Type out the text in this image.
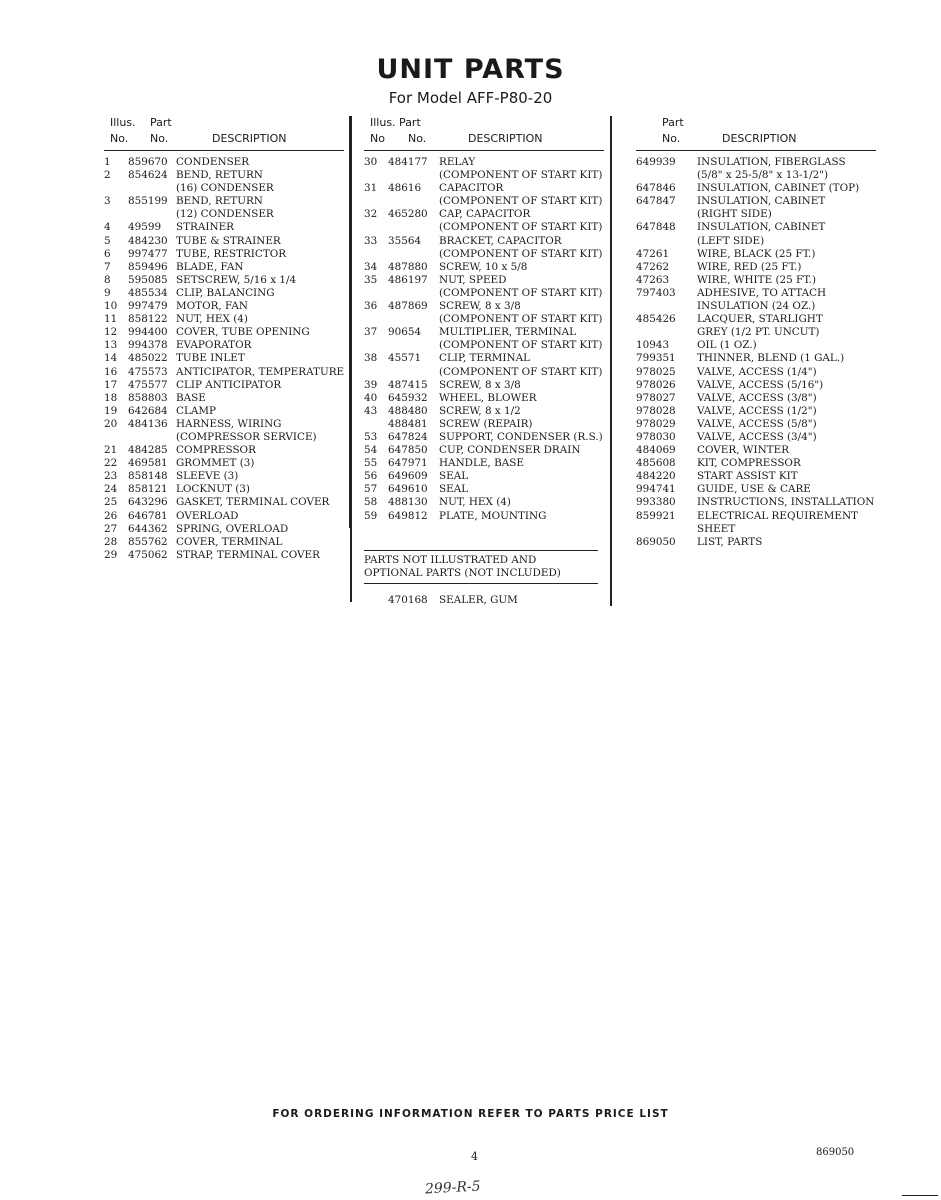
UNIT PARTS
For Model AFF-P80-20
Illus. Part
No. No.	DESCRIPTION
1	859670 CONDENSER
2	854624 BEND, RETURN
(16) CONDENSER
3	855199 BEND, RETURN
(12) CONDENSER
4	49599	STRAINER
5	484230 TUBE & STRAINER
6	997477 TUBE, RESTRICTOR
7	859496 BLADE, FAN
8	595085 SETSCREW, 5/16 x 1/4
9	485534 CLIP, BALANCING
10	997479 MOTOR, FAN
11	858122 NUT, HEX (4)
12	994400 COVER, TUBE OPENING
13	994378 EVAPORATOR
14	485022 TUBE INLET
16	475573 ANTICIPATOR, TEMPERATURE
17	475577 CLIP ANTICIPATOR
18	858803 BASE
19	642684 CLAMP
20	484136 HARNESS, WIRING
(COMPRESSOR SERVICE)
21	484285 COMPRESSOR
22	469581 GROMMET (3)
23	858148 SLEEVE (3)
24	858121 LOCKNUT (3)
25	643296 GASKET, TERMINAL COVER
26	646781 OVERLOAD
27	644362 SPRING, OVERLOAD
28	855762 COVER, TERMINAL
29	475062 STRAP, TERMINAL COVER
Illus. Part
No No.	DESCRIPTION
30	484177	RELAY
(COMPONENT OF START KIT)
31	48616	CAPACITOR
(COMPONENT OF START KIT)
32	465280	CAP, CAPACITOR
(COMPONENT OF START KIT)
33	35564	BRACKET, CAPACITOR
(COMPONENT OF START KIT)
34	487880	SCREW, 10 x 5/8
35	486197	NUT, SPEED
(COMPONENT OF START KIT)
36	487869	SCREW, 8 x 3/8
(COMPONENT OF START KIT)
37	90654	MULTIPLIER, TERMINAL
(COMPONENT OF START KIT)
38	45571	CLIP, TERMINAL
(COMPONENT OF START KIT)
39	487415	SCREW, 8 x 3/8
40	645932	WHEEL, BLOWER
43	488480	SCREW, 8 x 1/2
488481	SCREW (REPAIR)
53	647824	SUPPORT, CONDENSER (R.S.)
54	647850	CUP, CONDENSER DRAIN
55	647971	HANDLE, BASE
56	649609	SEAL
57	649610	SEAL
58	488130	NUT, HEX (4)
59	649812	PLATE, MOUNTING
PARTS NOT ILLUSTRATED AND
OPTIONAL PARTS (NOT INCLUDED)
470168	SEALER, GUM
Part
No.	DESCRIPTION
649939	INSULATION, FIBERGLASS
(5/8" x 25-5/8" x 13-1/2")
647846	INSULATION, CABINET (TOP)
647847	INSULATION, CABINET
(RIGHT SIDE)
647848	INSULATION, CABINET
(LEFT SIDE)
47261	WIRE, BLACK (25 FT.)
47262	WIRE, RED (25 FT.)
47263	WIRE, WHITE (25 FT.)
797403	ADHESIVE, TO ATTACH
INSULATION (24 OZ.)
485426	LACQUER, STARLIGHT
GREY (1/2 PT. UNCUT)
10943	OIL (1 OZ.)
799351	THINNER, BLEND (1 GAL.)
978025	VALVE, ACCESS (1/4")
978026	VALVE, ACCESS (5/16")
978027	VALVE, ACCESS (3/8")
978028	VALVE, ACCESS (1/2")
978029	VALVE, ACCESS (5/8")
978030	VALVE, ACCESS (3/4")
484069	COVER, WINTER
485608	KIT, COMPRESSOR
484220	START ASSIST KIT
994741	GUIDE, USE & CARE
993380	INSTRUCTIONS, INSTALLATION
859921	ELECTRICAL REQUIREMENT
SHEET
869050	LIST, PARTS
FOR ORDERING INFORMATION REFER TO PARTS PRICE LIST
4	869050
299-R-5
